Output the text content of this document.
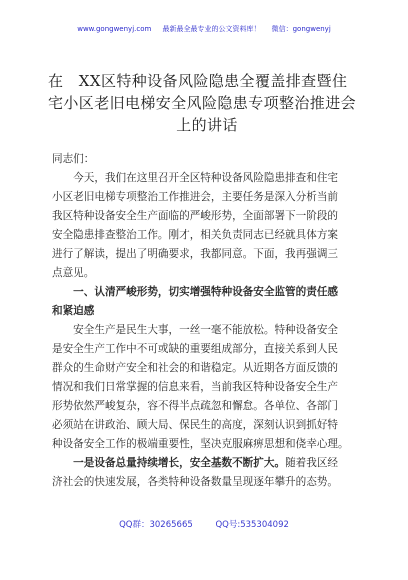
www.gongwenyj.com 最新最全最专业的公文资料库！ 微信：gongwenyj
在　XX区特种设备风险隐患全覆盖排查暨住
宅小区老旧电梯安全风险隐患专项整治推进会
上的讲话
同志们：
　　今天，我们在这里召开全区特种设备风险隐患排查和住宅
小区老旧电梯专项整治工作推进会，主要任务是深入分析当前
我区特种设备安全生产面临的严峻形势，全面部署下一阶段的
安全隐患排查整治工作。刚才，相关负责同志已经就具体方案
进行了解读，提出了明确要求，我都同意。下面，我再强调三
点意见。
　　一、认清严峻形势，切实增强特种设备安全监管的责任感
和紧迫感
　　安全生产是民生大事，一丝一毫不能放松。特种设备安全
是安全生产工作中不可或缺的重要组成部分，直接关系到人民
群众的生命财产安全和社会的和谐稳定。从近期各方面反馈的
情况和我们日常掌握的信息来看，当前我区特种设备安全生产
形势依然严峻复杂，容不得半点疏忽和懈怠。各单位、各部门
必须站在讲政治、顾大局、保民生的高度，深刻认识到抓好特
种设备安全工作的极端重要性，坚决克服麻痹思想和侥幸心理。
　　一是设备总量持续增长，安全基数不断扩大。随着我区经
济社会的快速发展，各类特种设备数量呈现逐年攀升的态势。
QQ群：30265665	QQ号:535304092
